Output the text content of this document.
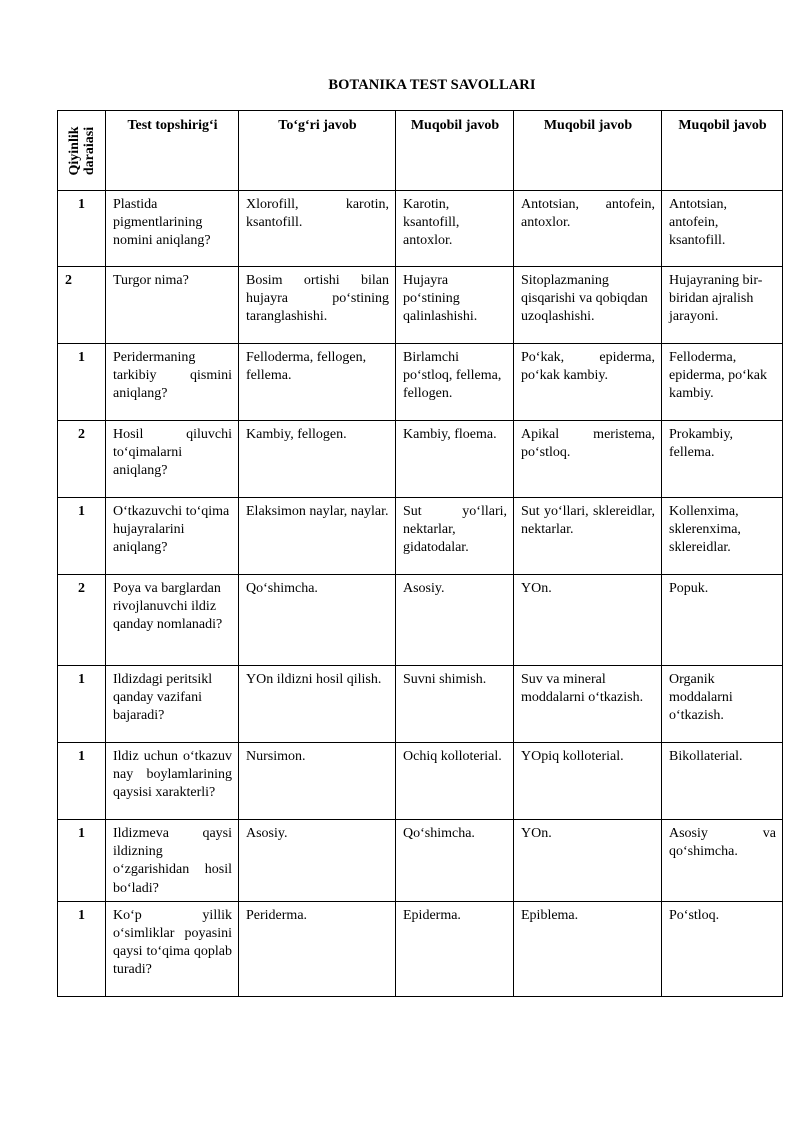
BOTANIKA TEST SAVOLLARI
Qiyinlik
daraiasi	Test topshirig‘i	To‘g‘ri javob	Muqobil javob	Muqobil javob	Muqobil javob
1	Plastida pigmentlarining nomini aniqlang?	Xlorofill, karotin, ksantofill.	Karotin, ksantofill, antoxlor.	Antotsian, antofein, antoxlor.	Antotsian, antofein, ksantofill.
2	Turgor nima?	Bosim ortishi bilan hujayra po‘stining taranglashishi.	Hujayra po‘stining qalinlashishi.	Sitoplazmaning qisqarishi va qobiqdan uzoqlashishi.	Hujayraning bir-biridan ajralish jarayoni.
1	Peridermaning tarkibiy qismini aniqlang?	Felloderma, fellogen, fellema.	Birlamchi po‘stloq, fellema, fellogen.	Po‘kak, epiderma, po‘kak kambiy.	Felloderma, epiderma, po‘kak kambiy.
2	Hosil qiluvchi to‘qimalarni aniqlang?	Kambiy, fellogen.	Kambiy, floema.	Apikal meristema, po‘stloq.	Prokambiy, fellema.
1	O‘tkazuvchi to‘qima hujayralarini aniqlang?	Elaksimon naylar, naylar.	Sut yo‘llari, nektarlar, gidatodalar.	Sut yo‘llari, sklereidlar, nektarlar.	Kollenxima, sklerenxima, sklereidlar.
2	Poya va barglardan rivojlanuvchi ildiz qanday nomlanadi?	Qo‘shimcha.	Asosiy.	YOn.	Popuk.
1	Ildizdagi peritsikl qanday vazifani bajaradi?	YOn ildizni hosil qilish.	Suvni shimish.	Suv va mineral moddalarni o‘tkazish.	Organik moddalarni o‘tkazish.
1	Ildiz uchun o‘tkazuv nay boylamlarining qaysisi xarakterli?	Nursimon.	Ochiq kolloterial.	YOpiq kolloterial.	Bikollaterial.
1	Ildizmeva qaysi ildizning o‘zgarishidan hosil bo‘ladi?	Asosiy.	Qo‘shimcha.	YOn.	Asosiy va qo‘shimcha.
1	Ko‘p yillik o‘simliklar poyasini qaysi to‘qima qoplab turadi?	Periderma.	Epiderma.	Epiblema.	Po‘stloq.
